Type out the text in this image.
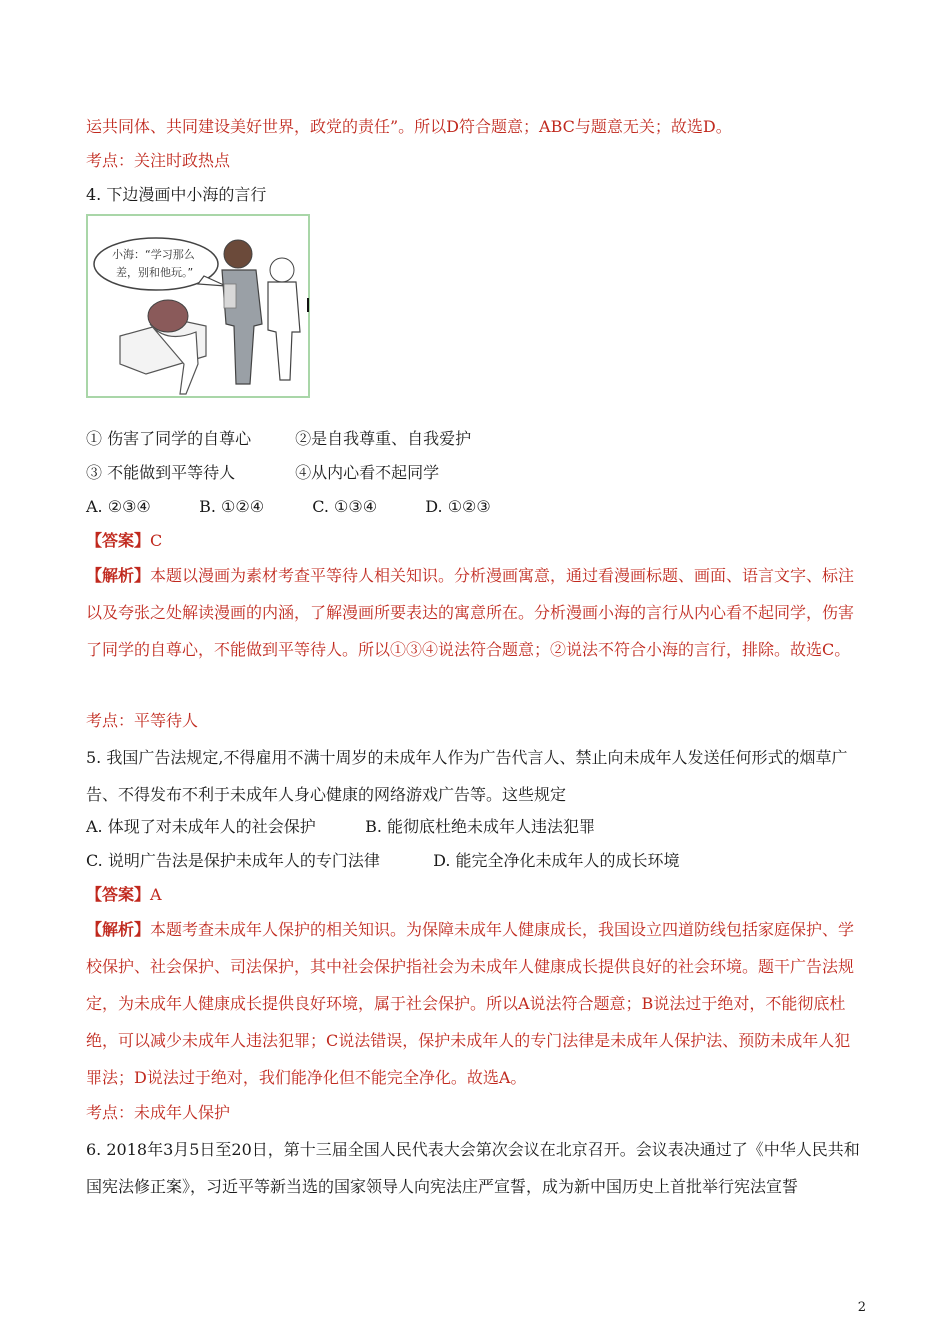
运共同体、共同建设美好世界，政党的责任”。所以D符合题意；ABC与题意无关；故选D。
考点：关注时政热点
4. 下边漫画中小海的言行
小海：“学习那么
差，别和他玩。”
① 伤害了同学的自尊心	②是自我尊重、自我爱护
③ 不能做到平等待人	④从内心看不起同学
A. ②③④	B. ①②④	C. ①③④	D. ①②③
【答案】C
【解析】本题以漫画为素材考查平等待人相关知识。分析漫画寓意，通过看漫画标题、画面、语言文字、标注以及夸张之处解读漫画的内涵，了解漫画所要表达的寓意所在。分析漫画小海的言行从内心看不起同学，伤害了同学的自尊心，不能做到平等待人。所以①③④说法符合题意；②说法不符合小海的言行，排除。故选C。
考点：平等待人
5. 我国广告法规定,不得雇用不满十周岁的未成年人作为广告代言人、禁止向未成年人发送任何形式的烟草广告、不得发布不利于未成年人身心健康的网络游戏广告等。这些规定
A. 体现了对未成年人的社会保护	B. 能彻底杜绝未成年人违法犯罪
C. 说明广告法是保护未成年人的专门法律	D. 能完全净化未成年人的成长环境
【答案】A
【解析】本题考查未成年人保护的相关知识。为保障未成年人健康成长，我国设立四道防线包括家庭保护、学校保护、社会保护、司法保护，其中社会保护指社会为未成年人健康成长提供良好的社会环境。题干广告法规定，为未成年人健康成长提供良好环境，属于社会保护。所以A说法符合题意；B说法过于绝对，不能彻底杜绝，可以减少未成年人违法犯罪；C说法错误，保护未成年人的专门法律是未成年人保护法、预防未成年人犯罪法；D说法过于绝对，我们能净化但不能完全净化。故选A。
考点：未成年人保护
6. 2018年3月5日至20日，第十三届全国人民代表大会第次会议在北京召开。会议表决通过了《中华人民共和国宪法修正案》，习近平等新当选的国家领导人向宪法庄严宣誓，成为新中国历史上首批举行宪法宣誓
2
